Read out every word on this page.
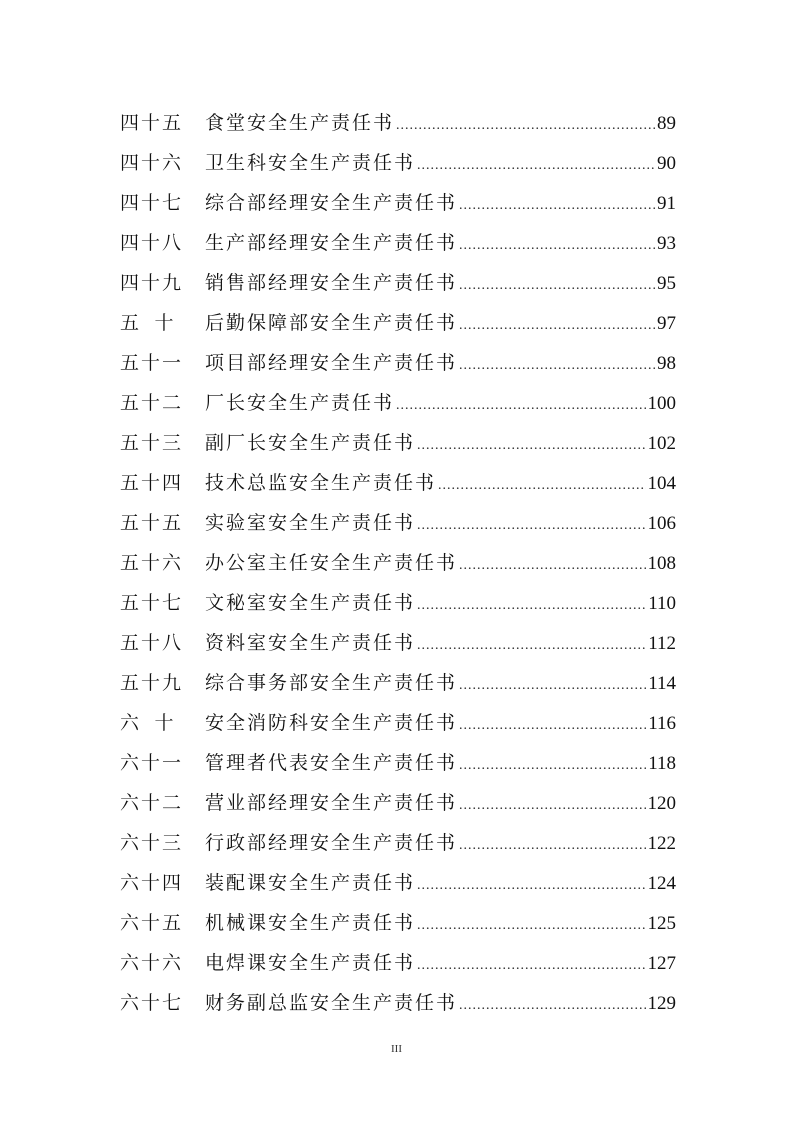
四十五	食堂安全生产责任书 .....	89
四十六	卫生科安全生产责任书 .....	90
四十七	综合部经理安全生产责任书 .....	91
四十八	生产部经理安全生产责任书 .....	93
四十九	销售部经理安全生产责任书 .....	95
五  十	后勤保障部安全生产责任书 .....	97
五十一	项目部经理安全生产责任书 .....	98
五十二	厂长安全生产责任书 .....	100
五十三	副厂长安全生产责任书 .....	102
五十四	技术总监安全生产责任书 .....	104
五十五	实验室安全生产责任书 .....	106
五十六	办公室主任安全生产责任书 .....	108
五十七	文秘室安全生产责任书 .....	110
五十八	资料室安全生产责任书 .....	112
五十九	综合事务部安全生产责任书 .....	114
六  十	安全消防科安全生产责任书 .....	116
六十一	管理者代表安全生产责任书 .....	118
六十二	营业部经理安全生产责任书 .....	120
六十三	行政部经理安全生产责任书 .....	122
六十四	装配课安全生产责任书 .....	124
六十五	机械课安全生产责任书 .....	125
六十六	电焊课安全生产责任书 .....	127
六十七	财务副总监安全生产责任书 .....	129
III
